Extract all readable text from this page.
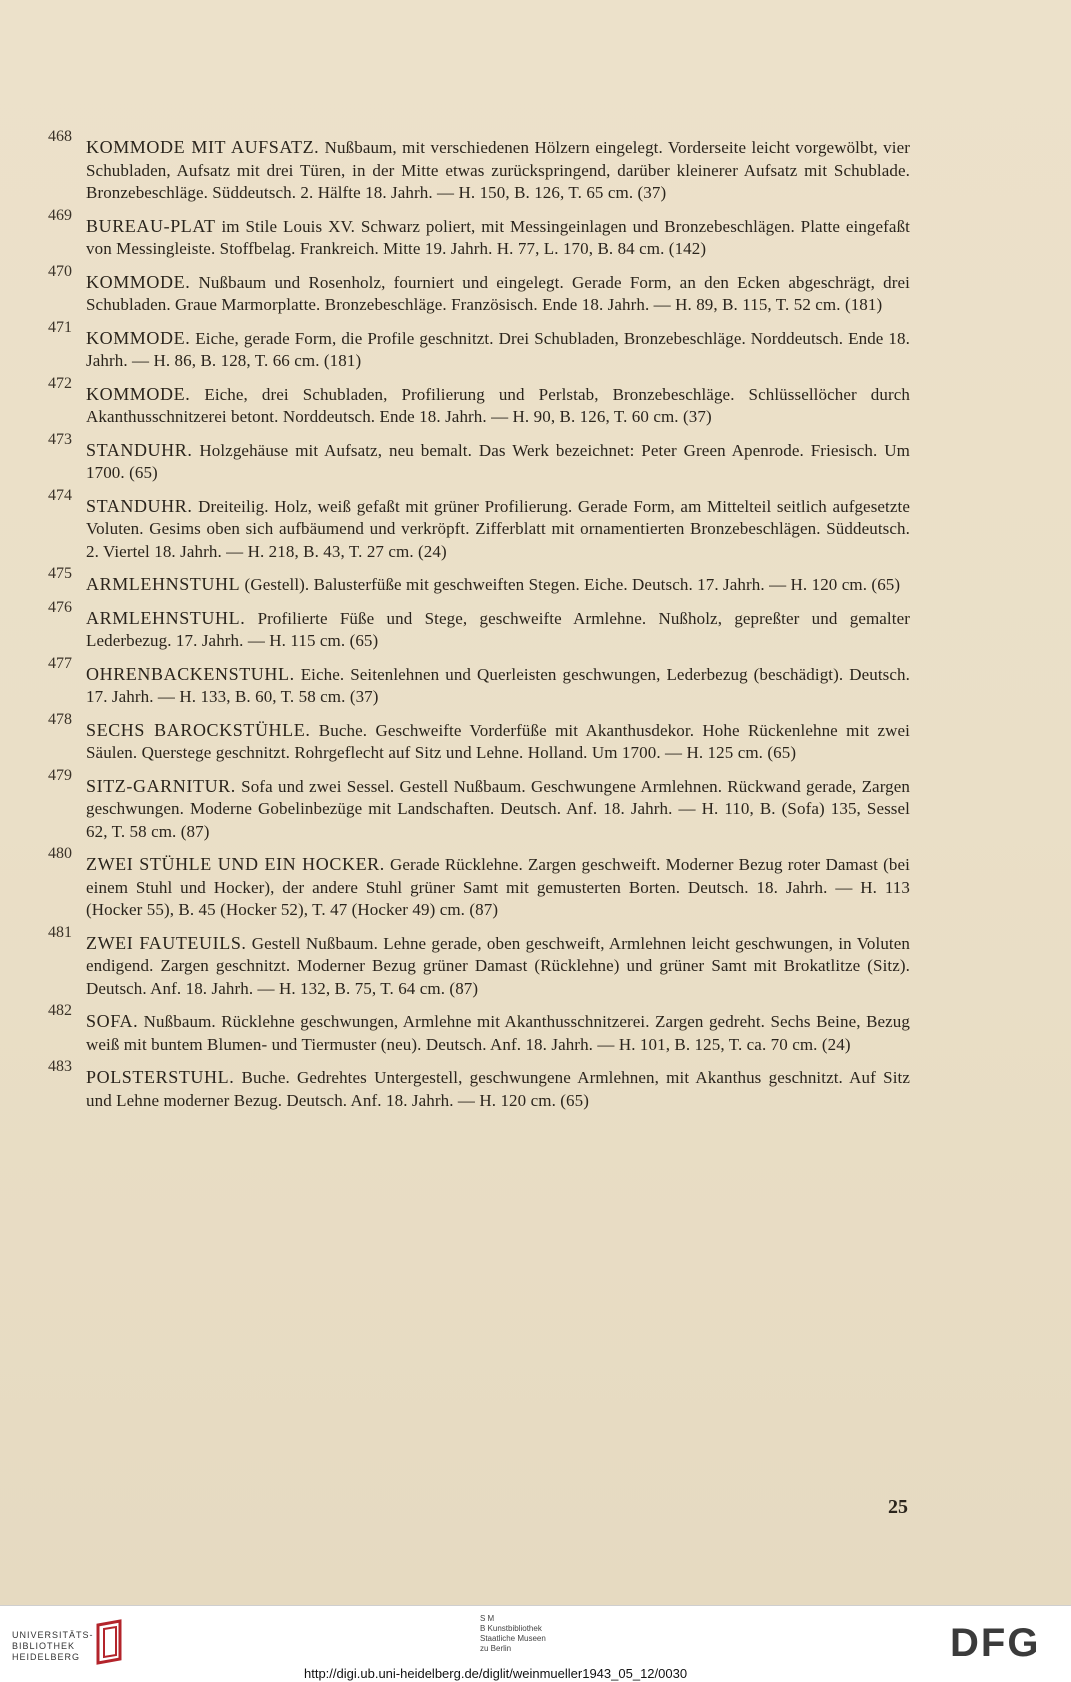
468
KOMMODE MIT AUFSATZ. Nußbaum, mit verschiedenen Hölzern eingelegt. Vorderseite leicht vorgewölbt, vier Schubladen, Aufsatz mit drei Türen, in der Mitte etwas zurückspringend, darüber kleinerer Aufsatz mit Schublade. Bronzebeschläge. Süddeutsch. 2. Hälfte 18. Jahrh. — H. 150, B. 126, T. 65 cm. (37)
469
BUREAU-PLAT im Stile Louis XV. Schwarz poliert, mit Messingeinlagen und Bronzebeschlägen. Platte eingefaßt von Messingleiste. Stoffbelag. Frankreich. Mitte 19. Jahrh. H. 77, L. 170, B. 84 cm. (142)
470
KOMMODE. Nußbaum und Rosenholz, fourniert und eingelegt. Gerade Form, an den Ecken abgeschrägt, drei Schubladen. Graue Marmorplatte. Bronzebeschläge. Französisch. Ende 18. Jahrh. — H. 89, B. 115, T. 52 cm. (181)
471
KOMMODE. Eiche, gerade Form, die Profile geschnitzt. Drei Schubladen, Bronzebeschläge. Norddeutsch. Ende 18. Jahrh. — H. 86, B. 128, T. 66 cm. (181)
472
KOMMODE. Eiche, drei Schubladen, Profilierung und Perlstab, Bronzebeschläge. Schlüssellöcher durch Akanthusschnitzerei betont. Norddeutsch. Ende 18. Jahrh. — H. 90, B. 126, T. 60 cm. (37)
473
STANDUHR. Holzgehäuse mit Aufsatz, neu bemalt. Das Werk bezeichnet: Peter Green Apenrode. Friesisch. Um 1700. (65)
474
STANDUHR. Dreiteilig. Holz, weiß gefaßt mit grüner Profilierung. Gerade Form, am Mittelteil seitlich aufgesetzte Voluten. Gesims oben sich aufbäumend und verkröpft. Zifferblatt mit ornamentierten Bronzebeschlägen. Süddeutsch. 2. Viertel 18. Jahrh. — H. 218, B. 43, T. 27 cm. (24)
475
ARMLEHNSTUHL (Gestell). Balusterfüße mit geschweiften Stegen. Eiche. Deutsch. 17. Jahrh. — H. 120 cm. (65)
476
ARMLEHNSTUHL. Profilierte Füße und Stege, geschweifte Armlehne. Nußholz, gepreßter und gemalter Lederbezug. 17. Jahrh. — H. 115 cm. (65)
477
OHRENBACKENSTUHL. Eiche. Seitenlehnen und Querleisten geschwungen, Lederbezug (beschädigt). Deutsch. 17. Jahrh. — H. 133, B. 60, T. 58 cm. (37)
478
SECHS BAROCKSTÜHLE. Buche. Geschweifte Vorderfüße mit Akanthusdekor. Hohe Rückenlehne mit zwei Säulen. Querstege geschnitzt. Rohrgeflecht auf Sitz und Lehne. Holland. Um 1700. — H. 125 cm. (65)
479
SITZ-GARNITUR. Sofa und zwei Sessel. Gestell Nußbaum. Geschwungene Armlehnen. Rückwand gerade, Zargen geschwungen. Moderne Gobelinbezüge mit Landschaften. Deutsch. Anf. 18. Jahrh. — H. 110, B. (Sofa) 135, Sessel 62, T. 58 cm. (87)
480
ZWEI STÜHLE UND EIN HOCKER. Gerade Rücklehne. Zargen geschweift. Moderner Bezug roter Damast (bei einem Stuhl und Hocker), der andere Stuhl grüner Samt mit gemusterten Borten. Deutsch. 18. Jahrh. — H. 113 (Hocker 55), B. 45 (Hocker 52), T. 47 (Hocker 49) cm. (87)
481
ZWEI FAUTEUILS. Gestell Nußbaum. Lehne gerade, oben geschweift, Armlehnen leicht geschwungen, in Voluten endigend. Zargen geschnitzt. Moderner Bezug grüner Damast (Rücklehne) und grüner Samt mit Brokatlitze (Sitz). Deutsch. Anf. 18. Jahrh. — H. 132, B. 75, T. 64 cm. (87)
482
SOFA. Nußbaum. Rücklehne geschwungen, Armlehne mit Akanthusschnitzerei. Zargen gedreht. Sechs Beine, Bezug weiß mit buntem Blumen- und Tiermuster (neu). Deutsch. Anf. 18. Jahrh. — H. 101, B. 125, T. ca. 70 cm. (24)
483
POLSTERSTUHL. Buche. Gedrehtes Untergestell, geschwungene Armlehnen, mit Akanthus geschnitzt. Auf Sitz und Lehne moderner Bezug. Deutsch. Anf. 18. Jahrh. — H. 120 cm. (65)
25
UNIVERSITÄTS-
BIBLIOTHEK
HEIDELBERG
S M
B Kunstbibliothek
Staatliche Museen
zu Berlin	DFG
http://digi.ub.uni-heidelberg.de/diglit/weinmueller1943_05_12/0030
